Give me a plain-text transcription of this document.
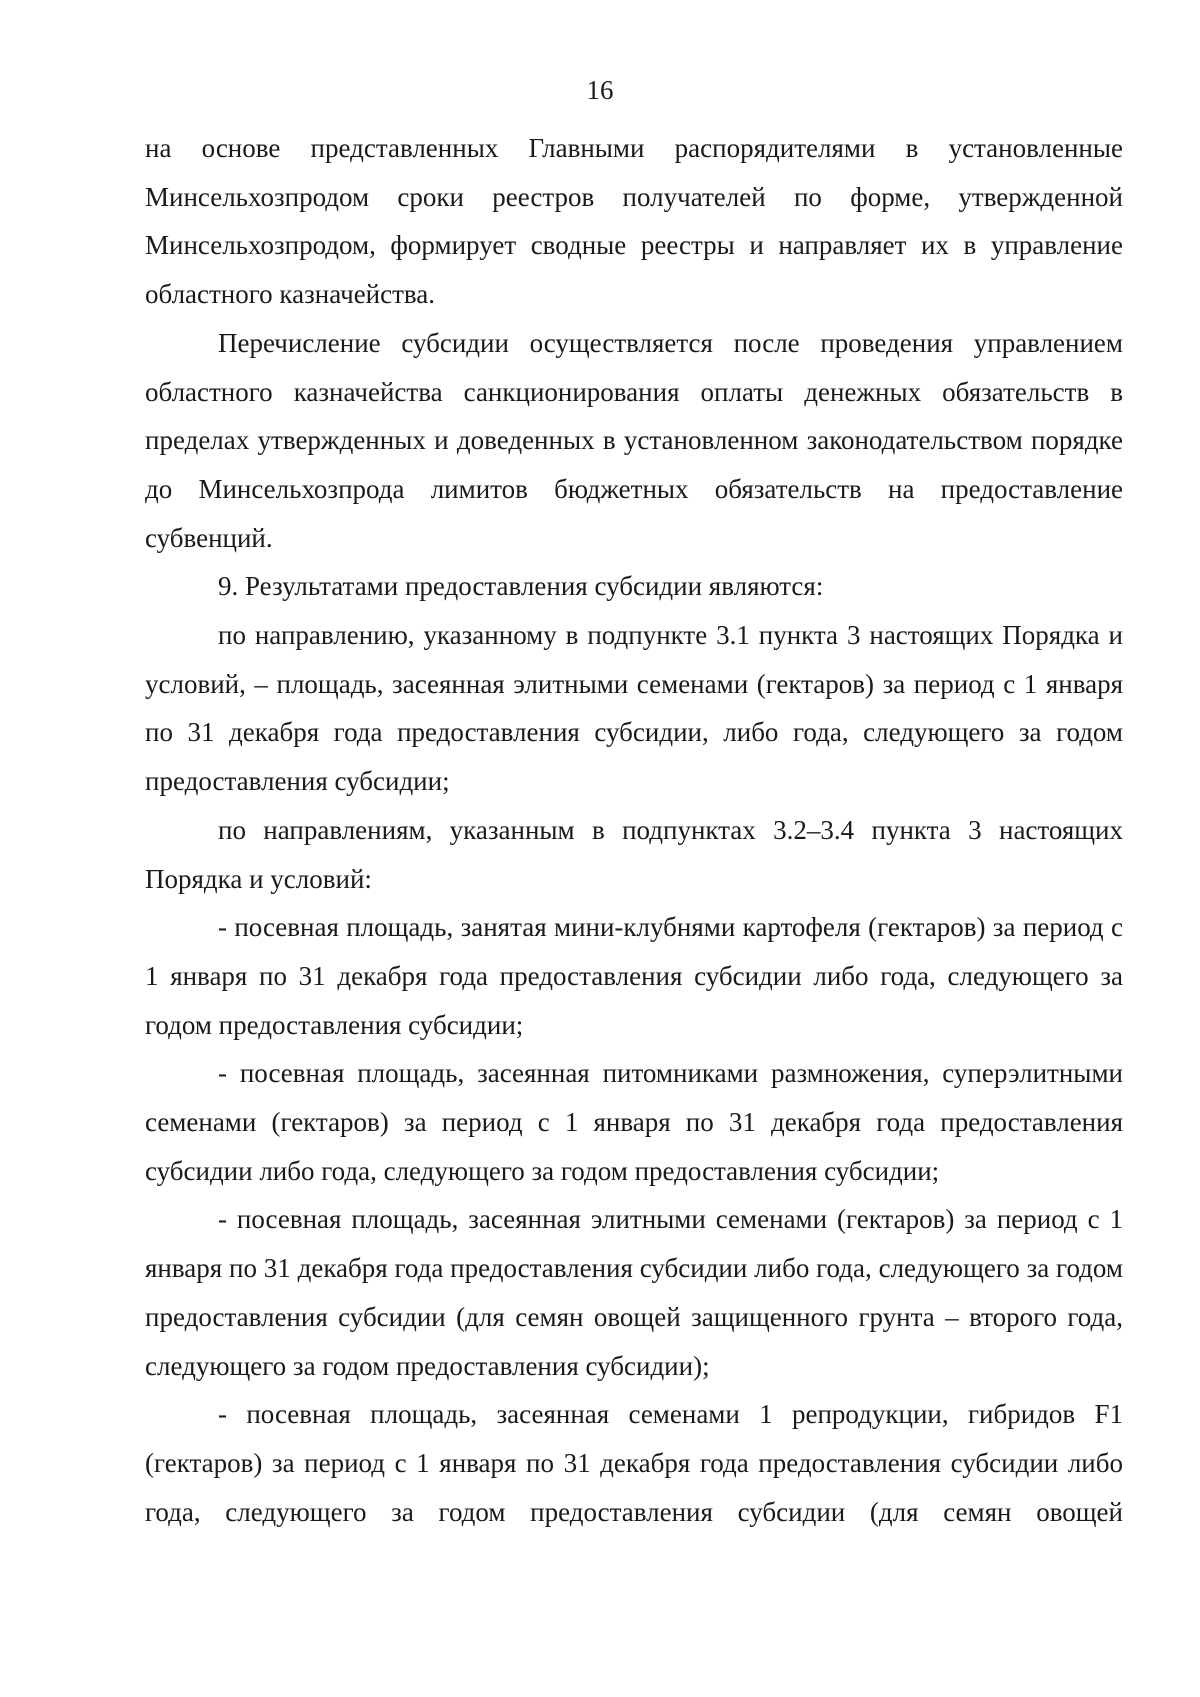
16

на основе представленных Главными распорядителями в установленные Минсельхозпродом сроки реестров получателей по форме, утвержденной Минсельхозпродом, формирует сводные реестры и направляет их в управление областного казначейства.

Перечисление субсидии осуществляется после проведения управлением областного казначейства санкционирования оплаты денежных обязательств в пределах утвержденных и доведенных в установленном законодательством порядке до Минсельхозпрода лимитов бюджетных обязательств на предоставление субвенций.

9. Результатами предоставления субсидии являются:

по направлению, указанному в подпункте 3.1 пункта 3 настоящих Порядка и условий, – площадь, засеянная элитными семенами (гектаров) за период с 1 января по 31 декабря года предоставления субсидии, либо года, следующего за годом предоставления субсидии;

по направлениям, указанным в подпунктах 3.2–3.4 пункта 3 настоящих Порядка и условий:

- посевная площадь, занятая мини-клубнями картофеля (гектаров) за период с 1 января по 31 декабря года предоставления субсидии либо года, следующего за годом предоставления субсидии;

- посевная площадь, засеянная питомниками размножения, суперэлитными семенами (гектаров) за период с 1 января по 31 декабря года предоставления субсидии либо года, следующего за годом предоставления субсидии;

- посевная площадь, засеянная элитными семенами (гектаров) за период с 1 января по 31 декабря года предоставления субсидии либо года, следующего за годом предоставления субсидии (для семян овощей защищенного грунта – второго года, следующего за годом предоставления субсидии);

- посевная площадь, засеянная семенами 1 репродукции, гибридов F1 (гектаров) за период с 1 января по 31 декабря года предоставления субсидии либо года, следующего за годом предоставления субсидии (для семян овощей
